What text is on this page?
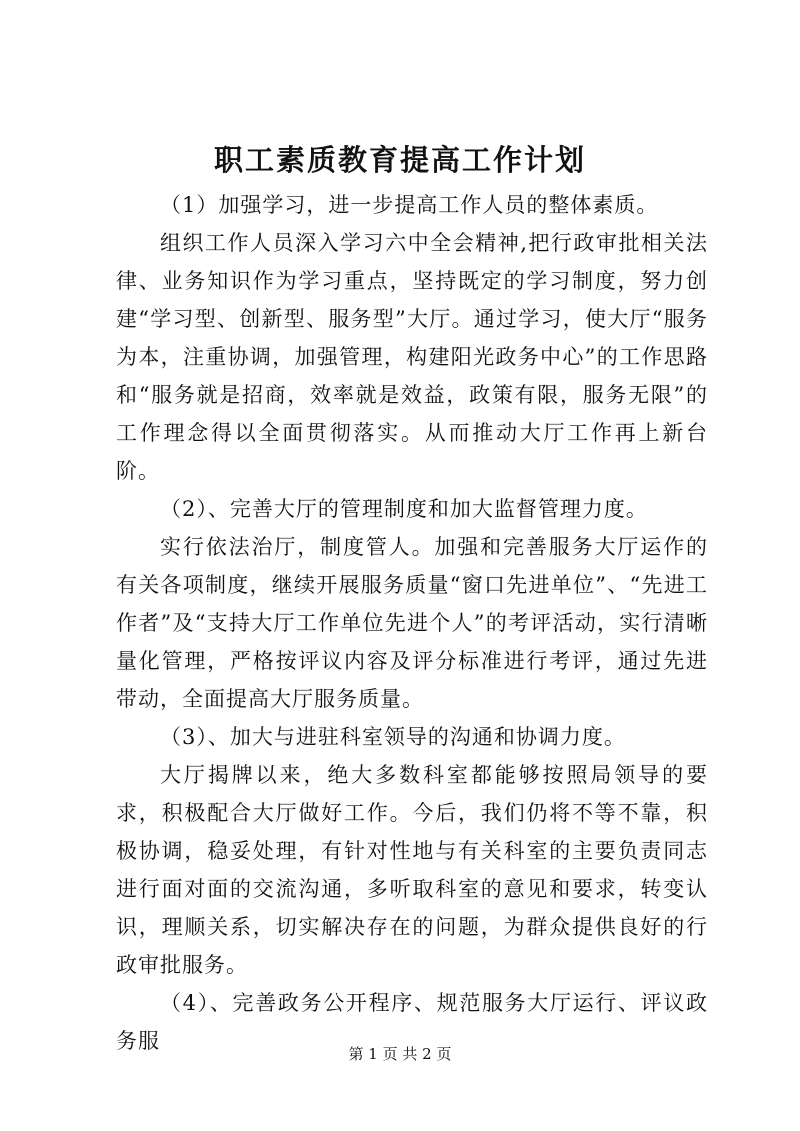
职工素质教育提高工作计划

（1）加强学习，进一步提高工作人员的整体素质。

组织工作人员深入学习六中全会精神,把行政审批相关法律、业务知识作为学习重点，坚持既定的学习制度，努力创建“学习型、创新型、服务型”大厅。通过学习，使大厅“服务为本，注重协调，加强管理，构建阳光政务中心”的工作思路和“服务就是招商，效率就是效益，政策有限，服务无限”的工作理念得以全面贯彻落实。从而推动大厅工作再上新台阶。

（2）、完善大厅的管理制度和加大监督管理力度。

实行依法治厅，制度管人。加强和完善服务大厅运作的有关各项制度，继续开展服务质量“窗口先进单位”、“先进工作者”及“支持大厅工作单位先进个人”的考评活动，实行清晰量化管理，严格按评议内容及评分标准进行考评，通过先进带动，全面提高大厅服务质量。

（3）、加大与进驻科室领导的沟通和协调力度。

大厅揭牌以来，绝大多数科室都能够按照局领导的要求，积极配合大厅做好工作。今后，我们仍将不等不靠，积极协调，稳妥处理，有针对性地与有关科室的主要负责同志进行面对面的交流沟通，多听取科室的意见和要求，转变认识，理顺关系，切实解决存在的问题，为群众提供良好的行政审批服务。

（4）、完善政务公开程序、规范服务大厅运行、评议政务服

第 1 页 共 2 页
